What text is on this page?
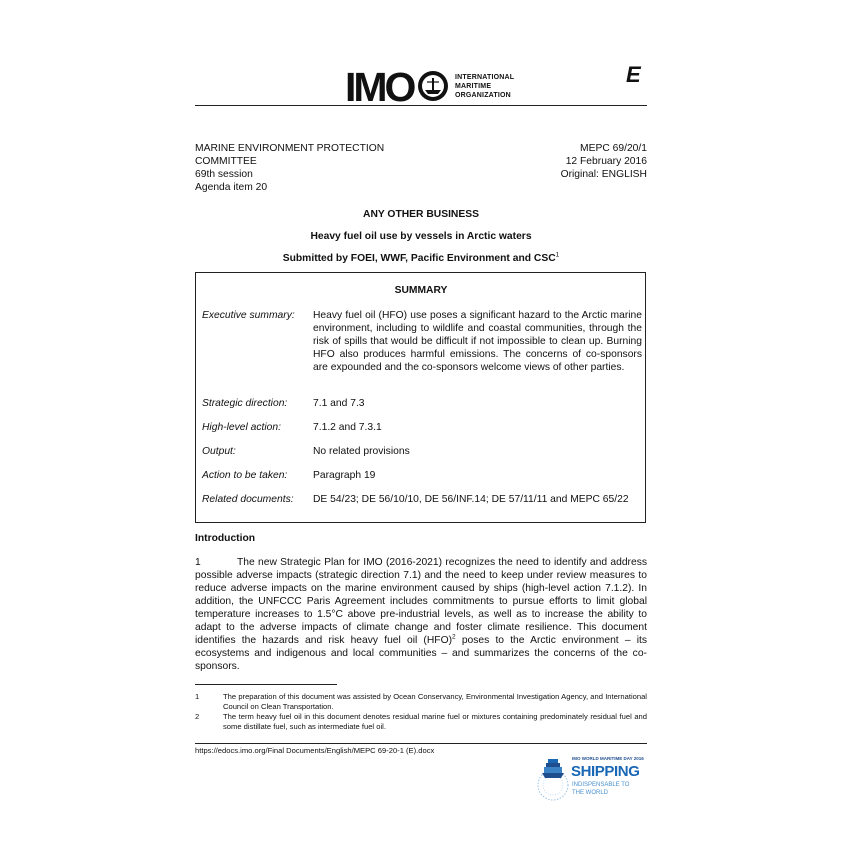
IMO	INTERNATIONAL
MARITIME
ORGANIZATION
E
MARINE ENVIRONMENT PROTECTION
COMMITTEE
69th session
Agenda item 20
MEPC 69/20/1
12 February 2016
Original: ENGLISH
ANY OTHER BUSINESS
Heavy fuel oil use by vessels in Arctic waters
Submitted by FOEI, WWF, Pacific Environment and CSC$^1$
SUMMARY
Executive summary: Heavy fuel oil (HFO) use poses a significant hazard to the Arctic marine environment, including to wildlife and coastal communities, through the risk of spills that would be difficult if not impossible to clean up. Burning HFO also produces harmful emissions. The concerns of co-sponsors are expounded and the co-sponsors welcome views of other parties.
Strategic direction: 7.1 and 7.3
High-level action:	7.1.2 and 7.3.1
Output:	No related provisions
Action to be taken: Paragraph 19
Related documents: DE 54/23; DE 56/10/10, DE 56/INF.14; DE 57/11/11 and MEPC 65/22
Introduction
1	The new Strategic Plan for IMO (2016-2021) recognizes the need to identify and address possible adverse impacts (strategic direction 7.1) and the need to keep under review measures to reduce adverse impacts on the marine environment caused by ships (high-level action 7.1.2). In addition, the UNFCCC Paris Agreement includes commitments to pursue efforts to limit global temperature increases to 1.5°C above pre-industrial levels, as well as to increase the ability to adapt to the adverse impacts of climate change and foster climate resilience. This document identifies the hazards and risk heavy fuel oil (HFO)$^2$ poses to the Arctic environment – its ecosystems and indigenous and local communities – and summarizes the concerns of the co-sponsors.
1	The preparation of this document was assisted by Ocean Conservancy, Environmental Investigation Agency, and International Council on Clean Transportation.
2	The term heavy fuel oil in this document denotes residual marine fuel or mixtures containing predominately residual fuel and some distillate fuel, such as intermediate fuel oil.
https://edocs.imo.org/Final Documents/English/MEPC 69-20-1 (E).docx
IMO WORLD MARITIME DAY 2016
SHIPPING
INDISPENSABLE TO
THE WORLD
